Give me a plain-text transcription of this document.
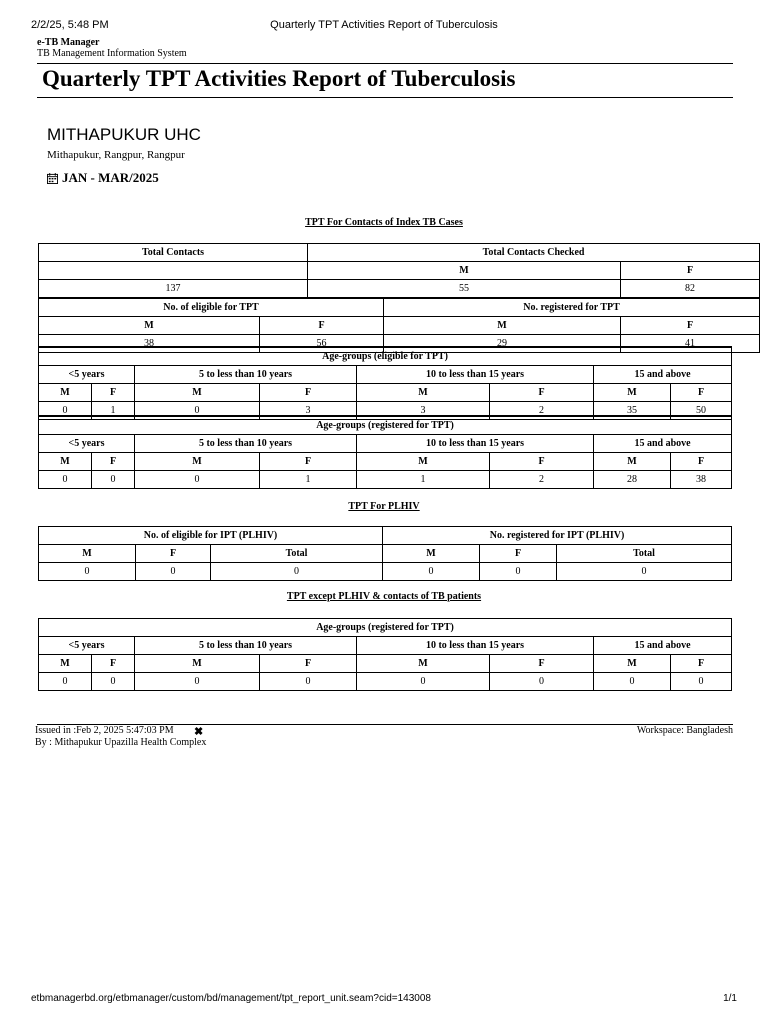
2/2/25, 5:48 PM	Quarterly TPT Activities Report of Tuberculosis
e-TB Manager
TB Management Information System
Quarterly TPT Activities Report of Tuberculosis
MITHAPUKUR UHC
Mithapukur, Rangpur, Rangpur
JAN - MAR/2025
TPT For Contacts of Index TB Cases
Total Contacts		Total Contacts Checked		
		M		F
137		55		82
No. of eligible for TPT			No. registered for TPT	
M	F		M	F
38	56		29	41
Age-groups (eligible for TPT)							
<5 years		5 to less than 10 years		10 to less than 15 years		15 and above	
M	F	M	F	M	F	M	F
0	1	0	3	3	2	35	50
Age-groups (registered for TPT)							
<5 years		5 to less than 10 years		10 to less than 15 years		15 and above	
M	F	M	F	M	F	M	F
0	0	0	1	1	2	28	38
TPT For PLHIV
No. of eligible for IPT (PLHIV)			No. registered for IPT (PLHIV)		
M	F	Total	M	F	Total
0	0	0	0	0	0
TPT except PLHIV & contacts of TB patients
Age-groups (registered for TPT)							
<5 years		5 to less than 10 years		10 to less than 15 years		15 and above	
M	F	M	F	M	F	M	F
0	0	0	0	0	0	0	0
Issued in :Feb 2, 2025 5:47:03 PM
By : Mithapukur Upazilla Health Complex
✖	Workspace: Bangladesh
etbmanagerbd.org/etbmanager/custom/bd/management/tpt_report_unit.seam?cid=143008	1/1
